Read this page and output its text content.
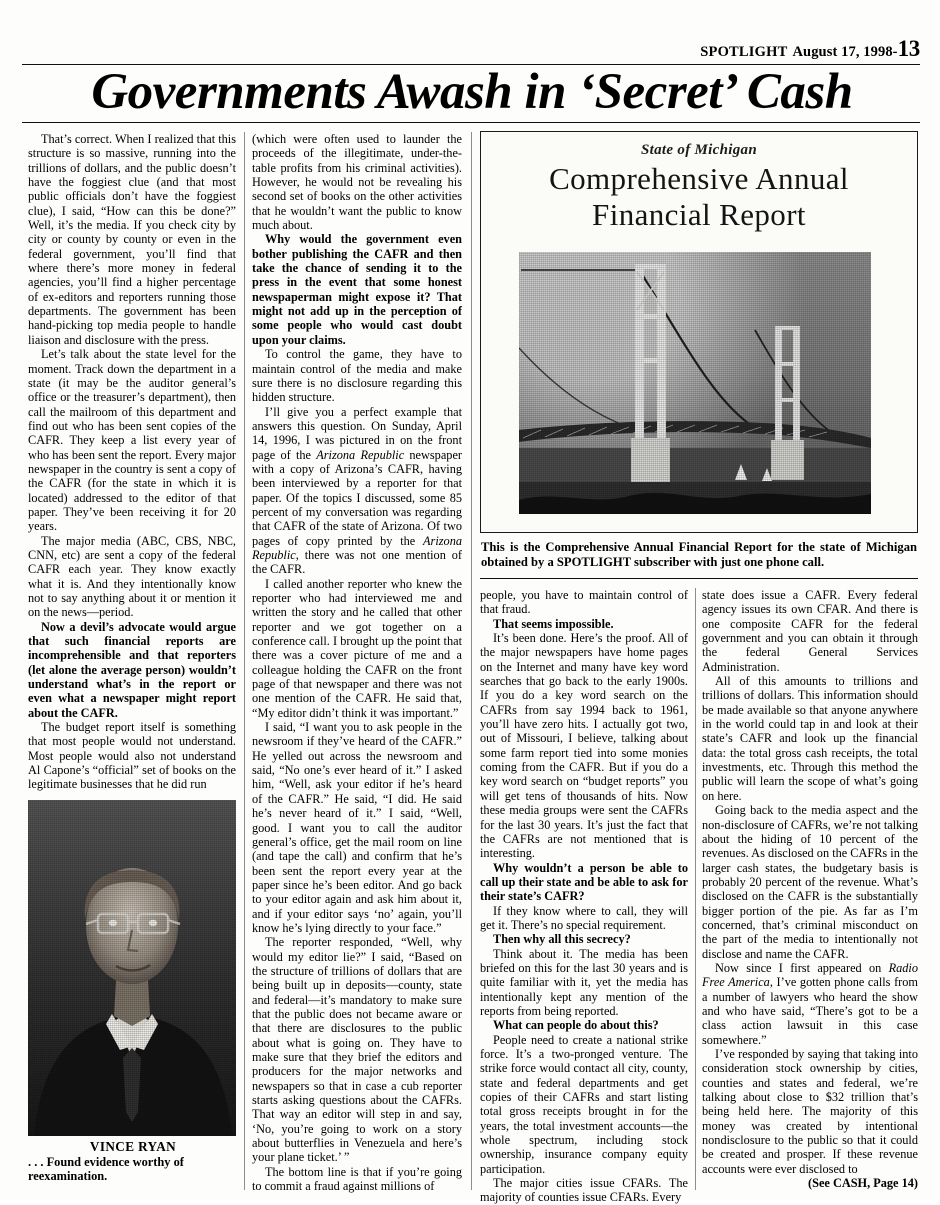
SPOTLIGHT August 17, 1998-13
Governments Awash in ‘Secret’ Cash
State of Michigan
Comprehensive Annual
Financial Report
This is the Comprehensive Annual Financial Report for the state of Michigan obtained by a SPOTLIGHT subscriber with just one phone call.

That’s correct. When I realized that this structure is so massive, running into the trillions of dollars, and the public doesn’t have the foggiest clue (and that most public officials don’t have the foggiest clue), I said, “How can this be done?” Well, it’s the media. If you check city by city or county by county or even in the federal government, you’ll find that where there’s more money in federal agencies, you’ll find a higher percentage of ex-editors and reporters running those departments. The government has been hand-picking top media people to handle liaison and disclosure with the press.

Let’s talk about the state level for the moment. Track down the department in a state (it may be the auditor general’s office or the treasurer’s department), then call the mailroom of this department and find out who has been sent copies of the CAFR. They keep a list every year of who has been sent the report. Every major newspaper in the country is sent a copy of the CAFR (for the state in which it is located) addressed to the editor of that paper. They’ve been receiving it for 20 years.

The major media (ABC, CBS, NBC, CNN, etc) are sent a copy of the federal CAFR each year. They know exactly what it is. And they intentionally know not to say anything about it or mention it on the news—period.

Now a devil’s advocate would argue that such financial reports are incomprehensible and that reporters (let alone the average person) wouldn’t understand what’s in the report or even what a newspaper might report about the CAFR.

The budget report itself is something that most people would not understand. Most people would also not understand Al Capone’s “official” set of books on the legitimate businesses that he did run

VINCE RYAN
. . . Found evidence worthy of reexamination.

(which were often used to launder the proceeds of the illegitimate, under-the-table profits from his criminal activities). However, he would not be revealing his second set of books on the other activities that he wouldn’t want the public to know much about.

Why would the government even bother publishing the CAFR and then take the chance of sending it to the press in the event that some honest newspaperman might expose it? That might not add up in the perception of some people who would cast doubt upon your claims.

To control the game, they have to maintain control of the media and make sure there is no disclosure regarding this hidden structure.

I’ll give you a perfect example that answers this question. On Sunday, April 14, 1996, I was pictured in on the front page of the Arizona Republic newspaper with a copy of Arizona’s CAFR, having been interviewed by a reporter for that paper. Of the topics I discussed, some 85 percent of my conversation was regarding that CAFR of the state of Arizona. Of two pages of copy printed by the Arizona Republic, there was not one mention of the CAFR.

I called another reporter who knew the reporter who had interviewed me and written the story and he called that other reporter and we got together on a conference call. I brought up the point that there was a cover picture of me and a colleague holding the CAFR on the front page of that newspaper and there was not one mention of the CAFR. He said that, “My editor didn’t think it was important.”

I said, “I want you to ask people in the newsroom if they’ve heard of the CAFR.” He yelled out across the newsroom and said, “No one’s ever heard of it.” I asked him, “Well, ask your editor if he’s heard of the CAFR.” He said, “I did. He said he’s never heard of it.” I said, “Well, good. I want you to call the auditor general’s office, get the mail room on line (and tape the call) and confirm that he’s been sent the report every year at the paper since he’s been editor. And go back to your editor again and ask him about it, and if your editor says ‘no’ again, you’ll know he’s lying directly to your face.”

The reporter responded, “Well, why would my editor lie?” I said, “Based on the structure of trillions of dollars that are being built up in deposits—county, state and federal—it’s mandatory to make sure that the public does not became aware or that there are disclosures to the public about what is going on. They have to make sure that they brief the editors and producers for the major networks and newspapers so that in case a cub reporter starts asking questions about the CAFRs. That way an editor will step in and say, ‘No, you’re going to work on a story about butterflies in Venezuela and here’s your plane ticket.’ ”

The bottom line is that if you’re going to commit a fraud against millions of

people, you have to maintain control of that fraud.

That seems impossible.

It’s been done. Here’s the proof. All of the major newspapers have home pages on the Internet and many have key word searches that go back to the early 1900s. If you do a key word search on the CAFRs from say 1994 back to 1961, you’ll have zero hits. I actually got two, out of Missouri, I believe, talking about some farm report tied into some monies coming from the CAFR. But if you do a key word search on “budget reports” you will get tens of thousands of hits. Now these media groups were sent the CAFRs for the last 30 years. It’s just the fact that the CAFRs are not mentioned that is interesting.

Why wouldn’t a person be able to call up their state and be able to ask for their state’s CAFR?

If they know where to call, they will get it. There’s no special requirement.

Then why all this secrecy?

Think about it. The media has been briefed on this for the last 30 years and is quite familiar with it, yet the media has intentionally kept any mention of the reports from being reported.

What can people do about this?

People need to create a national strike force. It’s a two-pronged venture. The strike force would contact all city, county, state and federal departments and get copies of their CAFRs and start listing total gross receipts brought in for the years, the total investment accounts—the whole spectrum, including stock ownership, insurance company equity participation.

The major cities issue CFARs. The majority of counties issue CFARs. Every

state does issue a CAFR. Every federal agency issues its own CFAR. And there is one composite CAFR for the federal government and you can obtain it through the federal General Services Administration.

All of this amounts to trillions and trillions of dollars. This information should be made available so that anyone anywhere in the world could tap in and look at their state’s CAFR and look up the financial data: the total gross cash receipts, the total investments, etc. Through this method the public will learn the scope of what’s going on here.

Going back to the media aspect and the non-disclosure of CAFRs, we’re not talking about the hiding of 10 percent of the revenues. As disclosed on the CAFRs in the larger cash states, the budgetary basis is probably 20 percent of the revenue. What’s disclosed on the CAFR is the substantially bigger portion of the pie. As far as I’m concerned, that’s criminal misconduct on the part of the media to intentionally not disclose and name the CAFR.

Now since I first appeared on Radio Free America, I’ve gotten phone calls from a number of lawyers who heard the show and who have said, “There’s got to be a class action lawsuit in this case somewhere.”

I’ve responded by saying that taking into consideration stock ownership by cities, counties and states and federal, we’re talking about close to $32 trillion that’s being held here. The majority of this money was created by intentional nondisclosure to the public so that it could be created and prosper. If these revenue accounts were ever disclosed to

(See CASH, Page 14)
